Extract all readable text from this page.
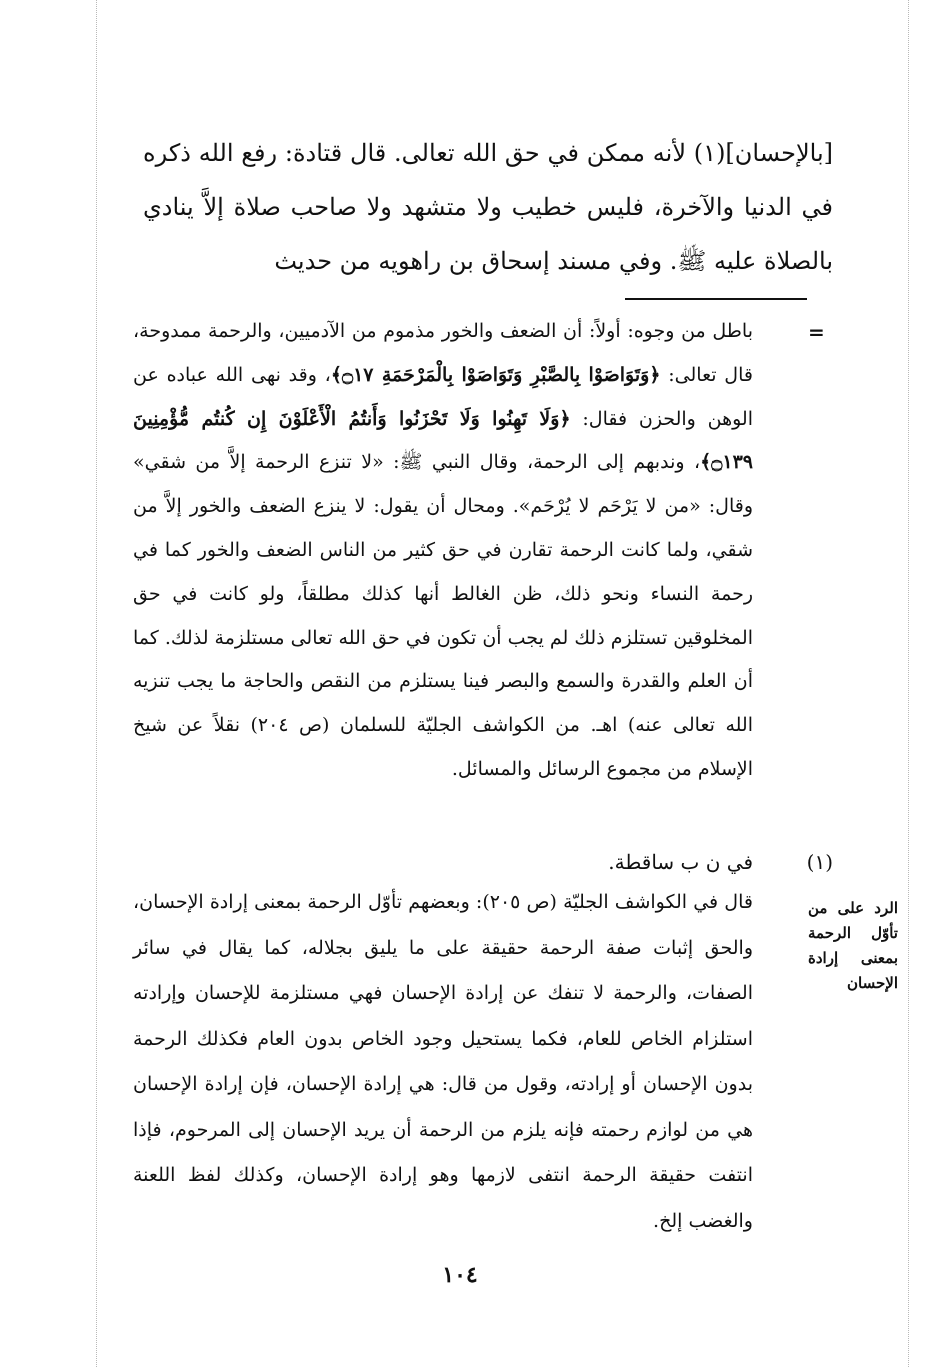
[بالإحسان](١) لأنه ممكن في حق الله تعالى. قال قتادة: رفع الله ذكره في الدنيا والآخرة، فليس خطيب ولا متشهد ولا صاحب صلاة إلاَّ ينادي بالصلاة عليه ﷺ. وفي مسند إسحاق بن راهويه من حديث

=

باطل من وجوه: أولاً: أن الضعف والخور مذموم من الآدميين، والرحمة ممدوحة، قال تعالى: ﴿وَتَوَاصَوْا بِالصَّبْرِ وَتَوَاصَوْا بِالْمَرْحَمَةِ ۝١٧﴾، وقد نهى الله عباده عن الوهن والحزن فقال: ﴿وَلَا تَهِنُوا وَلَا تَحْزَنُوا وَأَنتُمُ الْأَعْلَوْنَ إِن كُنتُم مُّؤْمِنِينَ ۝١٣٩﴾، وندبهم إلى الرحمة، وقال النبي ﷺ: «لا تنزع الرحمة إلاَّ من شقي» وقال: «من لا يَرْحَم لا يُرْحَم». ومحال أن يقول: لا ينزع الضعف والخور إلاَّ من شقي، ولما كانت الرحمة تقارن في حق كثير من الناس الضعف والخور كما في رحمة النساء ونحو ذلك، ظن الغالط أنها كذلك مطلقاً، ولو كانت في حق المخلوقين تستلزم ذلك لم يجب أن تكون في حق الله تعالى مستلزمة لذلك. كما أن العلم والقدرة والسمع والبصر فينا يستلزم من النقص والحاجة ما يجب تنزيه الله تعالى عنه) اهـ. من الكواشف الجليّة للسلمان (ص ٢٠٤) نقلاً عن شيخ الإسلام من مجموع الرسائل والمسائل.

(١)
في ن ب ساقطة.
الرد على من تأوّل الرحمة بمعنى إرادة الإحسان

قال في الكواشف الجليّة (ص ٢٠٥): وبعضهم تأوّل الرحمة بمعنى إرادة الإحسان، والحق إثبات صفة الرحمة حقيقة على ما يليق بجلاله، كما يقال في سائر الصفات، والرحمة لا تنفك عن إرادة الإحسان فهي مستلزمة للإحسان وإرادته استلزام الخاص للعام، فكما يستحيل وجود الخاص بدون العام فكذلك الرحمة بدون الإحسان أو إرادته، وقول من قال: هي إرادة الإحسان، فإن إرادة الإحسان هي من لوازم رحمته فإنه يلزم من الرحمة أن يريد الإحسان إلى المرحوم، فإذا انتفت حقيقة الرحمة انتفى لازمها وهو إرادة الإحسان، وكذلك لفظ اللعنة والغضب إلخ.

١٠٤
